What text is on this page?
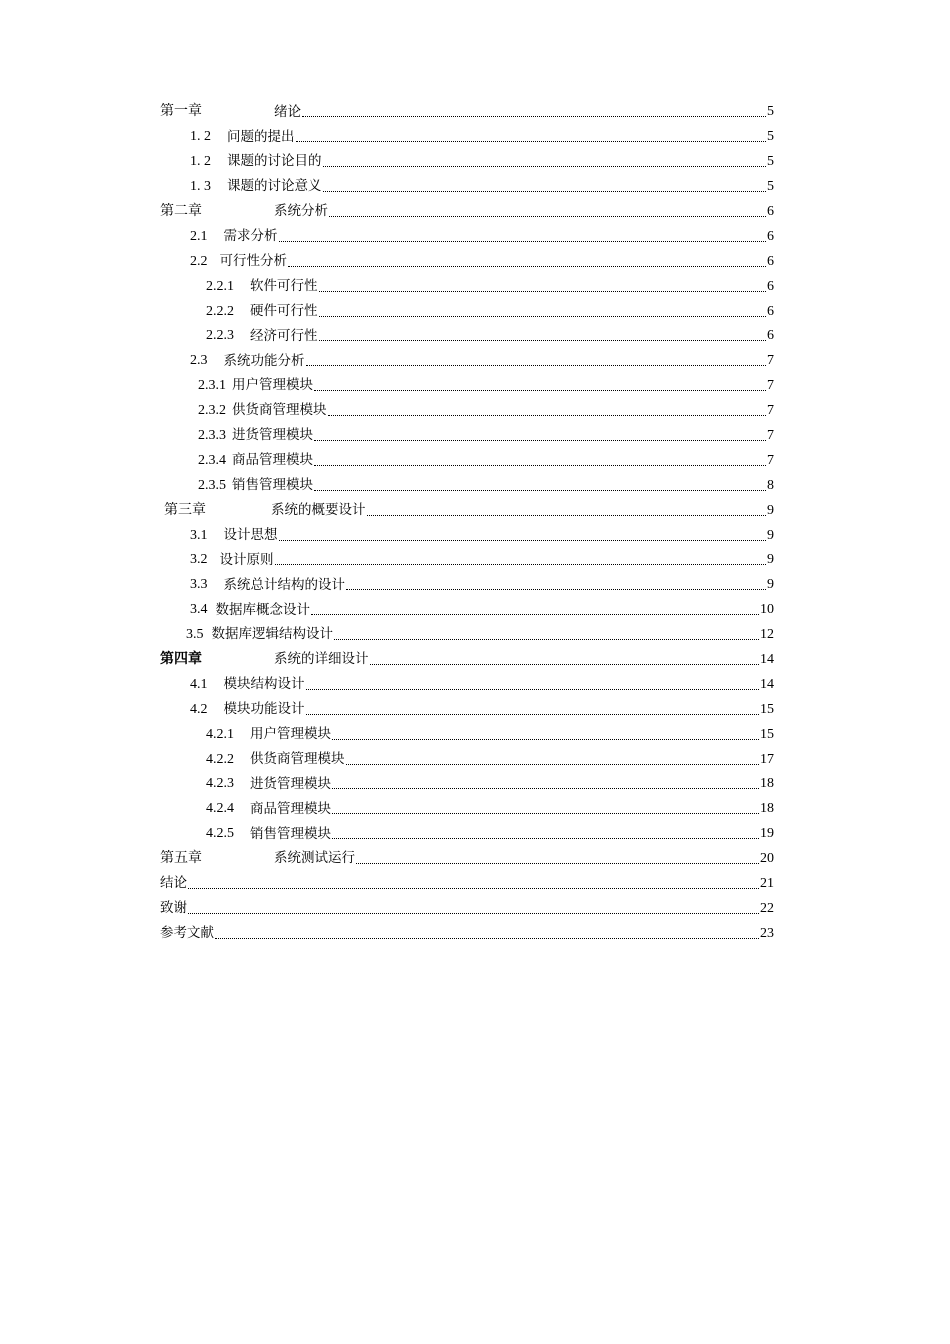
第一章	绪论	5
1. 2 问题的提出	5
1. 2 课题的讨论目的	5
1. 3 课题的讨论意义	5
第二章	系统分析	6
2.1 需求分析	6
2.2 可行性分析	6
2.2.1 软件可行性	6
2.2.2 硬件可行性	6
2.2.3 经济可行性	6
2.3 系统功能分析	7
2.3.1 用户管理模块	7
2.3.2 供货商管理模块	7
2.3.3 进货管理模块	7
2.3.4 商品管理模块	7
2.3.5 销售管理模块	8
第三章	系统的概要设计	9
3.1 设计思想	9
3.2 设计原则	9
3.3 系统总计结构的设计	9
3.4 数据库概念设计	10
3.5 数据库逻辑结构设计	12
第四章	系统的详细设计	14
4.1 模块结构设计	14
4.2 模块功能设计	15
4.2.1 用户管理模块	15
4.2.2 供货商管理模块	17
4.2.3 进货管理模块	18
4.2.4 商品管理模块	18
4.2.5 销售管理模块	19
第五章	系统测试运行	20
结论	21
致谢	22
参考文献	23
